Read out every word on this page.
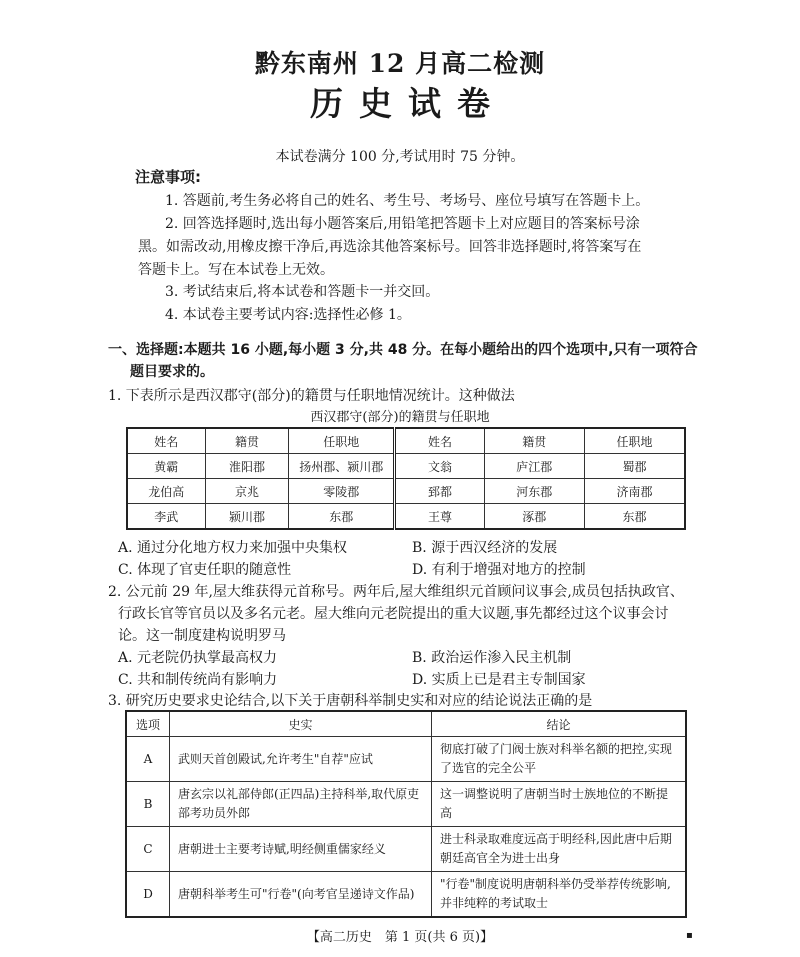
黔东南州 12 月高二检测
历史试卷
本试卷满分 100 分,考试用时 75 分钟。
注意事项:
1. 答题前,考生务必将自己的姓名、考生号、考场号、座位号填写在答题卡上。
2. 回答选择题时,选出每小题答案后,用铅笔把答题卡上对应题目的答案标号涂
黑。如需改动,用橡皮擦干净后,再选涂其他答案标号。回答非选择题时,将答案写在
答题卡上。写在本试卷上无效。
3. 考试结束后,将本试卷和答题卡一并交回。
4. 本试卷主要考试内容:选择性必修 1。
一、选择题:本题共 16 小题,每小题 3 分,共 48 分。在每小题给出的四个选项中,只有一项符合
题目要求的。
1. 下表所示是西汉郡守(部分)的籍贯与任职地情况统计。这种做法
西汉郡守(部分)的籍贯与任职地
姓名	籍贯	任职地	姓名	籍贯	任职地
黄霸	淮阳郡	扬州郡、颍川郡	文翁	庐江郡	蜀郡
龙伯高	京兆	零陵郡	郅都	河东郡	济南郡
李武	颍川郡	东郡	王尊	涿郡	东郡
A. 通过分化地方权力来加强中央集权	B. 源于西汉经济的发展
C. 体现了官吏任职的随意性	D. 有利于增强对地方的控制
2. 公元前 29 年,屋大维获得元首称号。两年后,屋大维组织元首顾问议事会,成员包括执政官、
行政长官等官员以及多名元老。屋大维向元老院提出的重大议题,事先都经过这个议事会讨
论。这一制度建构说明罗马
A. 元老院仍执掌最高权力	B. 政治运作渗入民主机制
C. 共和制传统尚有影响力	D. 实质上已是君主专制国家
3. 研究历史要求史论结合,以下关于唐朝科举制史实和对应的结论说法正确的是
选项	史实	结论
A	武则天首创殿试,允许考生"自荐"应试	彻底打破了门阀士族对科举名额的把控,实现了选官的完全公平
B	唐玄宗以礼部侍郎(正四品)主持科举,取代原吏部考功员外郎	这一调整说明了唐朝当时士族地位的不断提高
C	唐朝进士主要考诗赋,明经侧重儒家经义	进士科录取难度远高于明经科,因此唐中后期朝廷高官全为进士出身
D	唐朝科举考生可"行卷"(向考官呈递诗文作品)	"行卷"制度说明唐朝科举仍受举荐传统影响,并非纯粹的考试取士
【高二历史　第 1 页(共 6 页)】	▪
